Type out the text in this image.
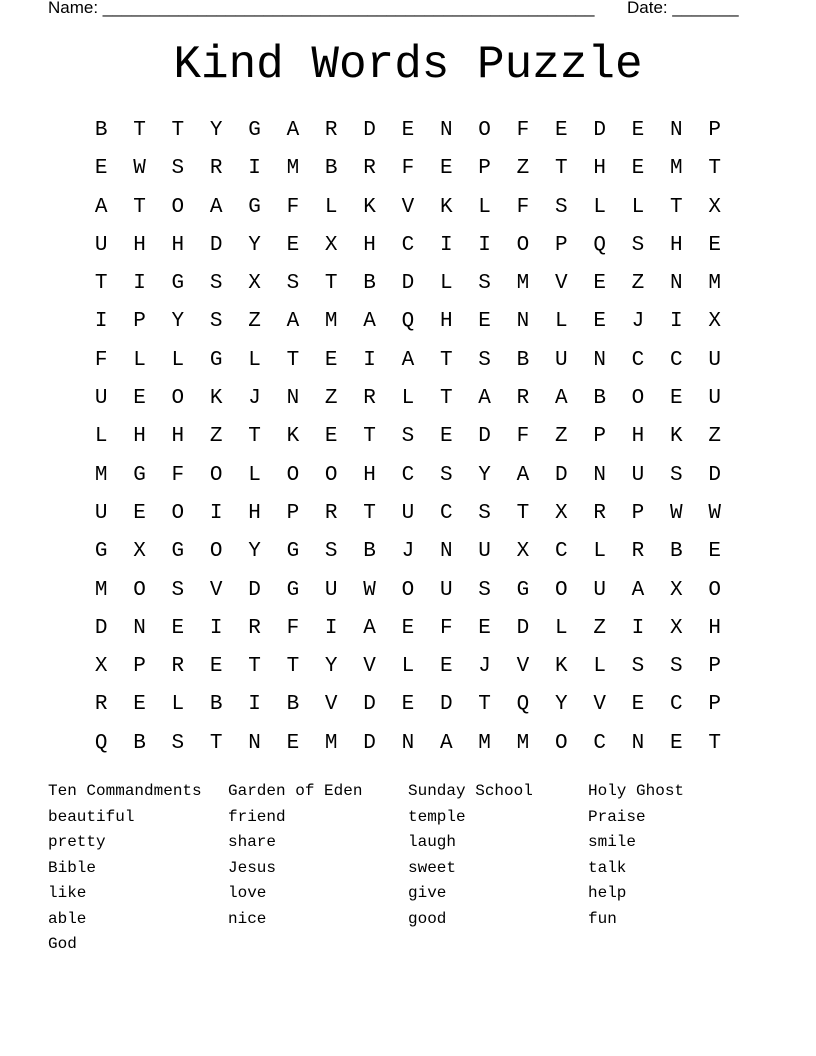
Name: ____________________________________________________ Date: _______
Kind Words Puzzle
B	T	T	Y	G	A	R	D	E	N	O	F	E	D	E	N	P
E	W	S	R	I	M	B	R	F	E	P	Z	T	H	E	M	T
A	T	O	A	G	F	L	K	V	K	L	F	S	L	L	T	X
U	H	H	D	Y	E	X	H	C	I	I	O	P	Q	S	H	E
T	I	G	S	X	S	T	B	D	L	S	M	V	E	Z	N	M
I	P	Y	S	Z	A	M	A	Q	H	E	N	L	E	J	I	X
F	L	L	G	L	T	E	I	A	T	S	B	U	N	C	C	U
U	E	O	K	J	N	Z	R	L	T	A	R	A	B	O	E	U
L	H	H	Z	T	K	E	T	S	E	D	F	Z	P	H	K	Z
M	G	F	O	L	O	O	H	C	S	Y	A	D	N	U	S	D
U	E	O	I	H	P	R	T	U	C	S	T	X	R	P	W	W
G	X	G	O	Y	G	S	B	J	N	U	X	C	L	R	B	E
M	O	S	V	D	G	U	W	O	U	S	G	O	U	A	X	O
D	N	E	I	R	F	I	A	E	F	E	D	L	Z	I	X	H
X	P	R	E	T	T	Y	V	L	E	J	V	K	L	S	S	P
R	E	L	B	I	B	V	D	E	D	T	Q	Y	V	E	C	P
Q	B	S	T	N	E	M	D	N	A	M	M	O	C	N	E	T
Ten Commandments	Garden of Eden	Sunday School	Holy Ghost
beautiful	friend	temple	Praise
pretty	share	laugh	smile
Bible	Jesus	sweet	talk
like	love	give	help
able	nice	good	fun
God
